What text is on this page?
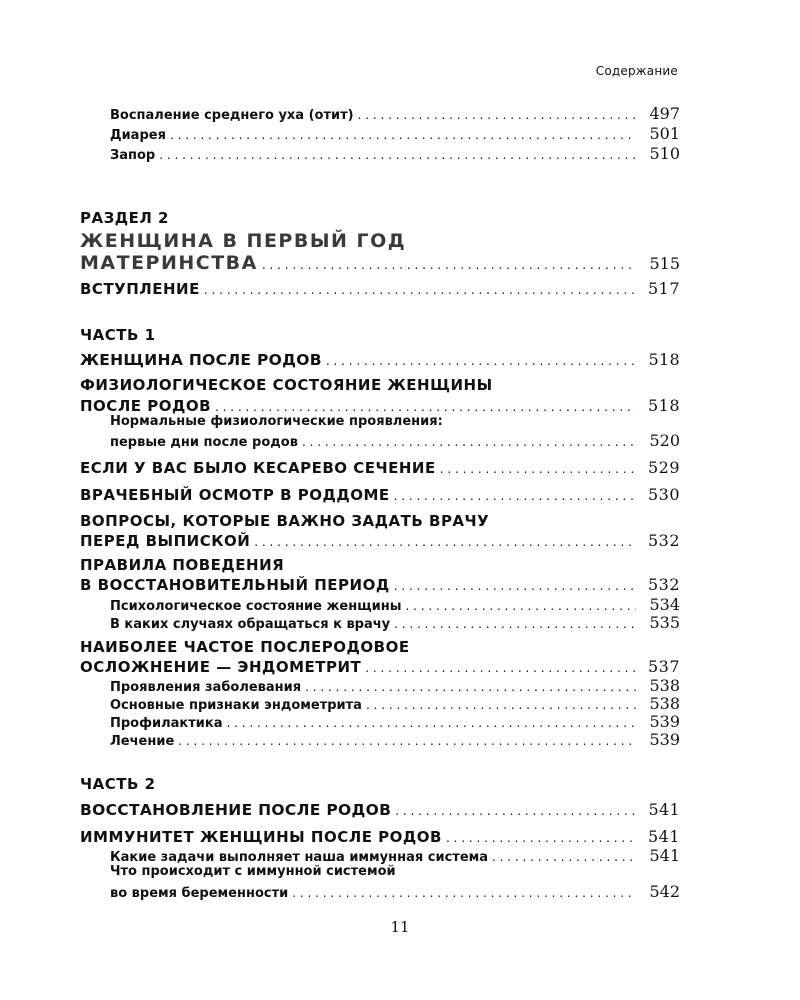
Содержание
Воспаление среднего уха (отит) . . .	497
Диарея . . .	501
Запор . . .	510
РАЗДЕЛ 2
ЖЕНЩИНА В ПЕРВЫЙ ГОД
МАТЕРИНСТВА . . .	515
ВСТУПЛЕНИЕ . . .	517
ЧАСТЬ 1
ЖЕНЩИНА ПОСЛЕ РОДОВ . . .	518
ФИЗИОЛОГИЧЕСКОЕ СОСТОЯНИЕ ЖЕНЩИНЫ
ПОСЛЕ РОДОВ . . .	518
Нормальные физиологические проявления:
первые дни после родов . . .	520
ЕСЛИ У ВАС БЫЛО КЕСАРЕВО СЕЧЕНИЕ . . .	529
ВРАЧЕБНЫЙ ОСМОТР В РОДДОМЕ . . .	530
ВОПРОСЫ, КОТОРЫЕ ВАЖНО ЗАДАТЬ ВРАЧУ
ПЕРЕД ВЫПИСКОЙ . . .	532
ПРАВИЛА ПОВЕДЕНИЯ
В ВОССТАНОВИТЕЛЬНЫЙ ПЕРИОД . . .	532
Психологическое состояние женщины . . .	534
В каких случаях обращаться к врачу . . .	535
НАИБОЛЕЕ ЧАСТОЕ ПОСЛЕРОДОВОЕ
ОСЛОЖНЕНИЕ — ЭНДОМЕТРИТ . . .	537
Проявления заболевания . . .	538
Основные признаки эндометрита . . .	538
Профилактика . . .	539
Лечение . . .	539
ЧАСТЬ 2
ВОССТАНОВЛЕНИЕ ПОСЛЕ РОДОВ . . .	541
ИММУНИТЕТ ЖЕНЩИНЫ ПОСЛЕ РОДОВ . . .	541
Какие задачи выполняет наша иммунная система . . .	541
Что происходит с иммунной системой
во время беременности . . .	542
11
